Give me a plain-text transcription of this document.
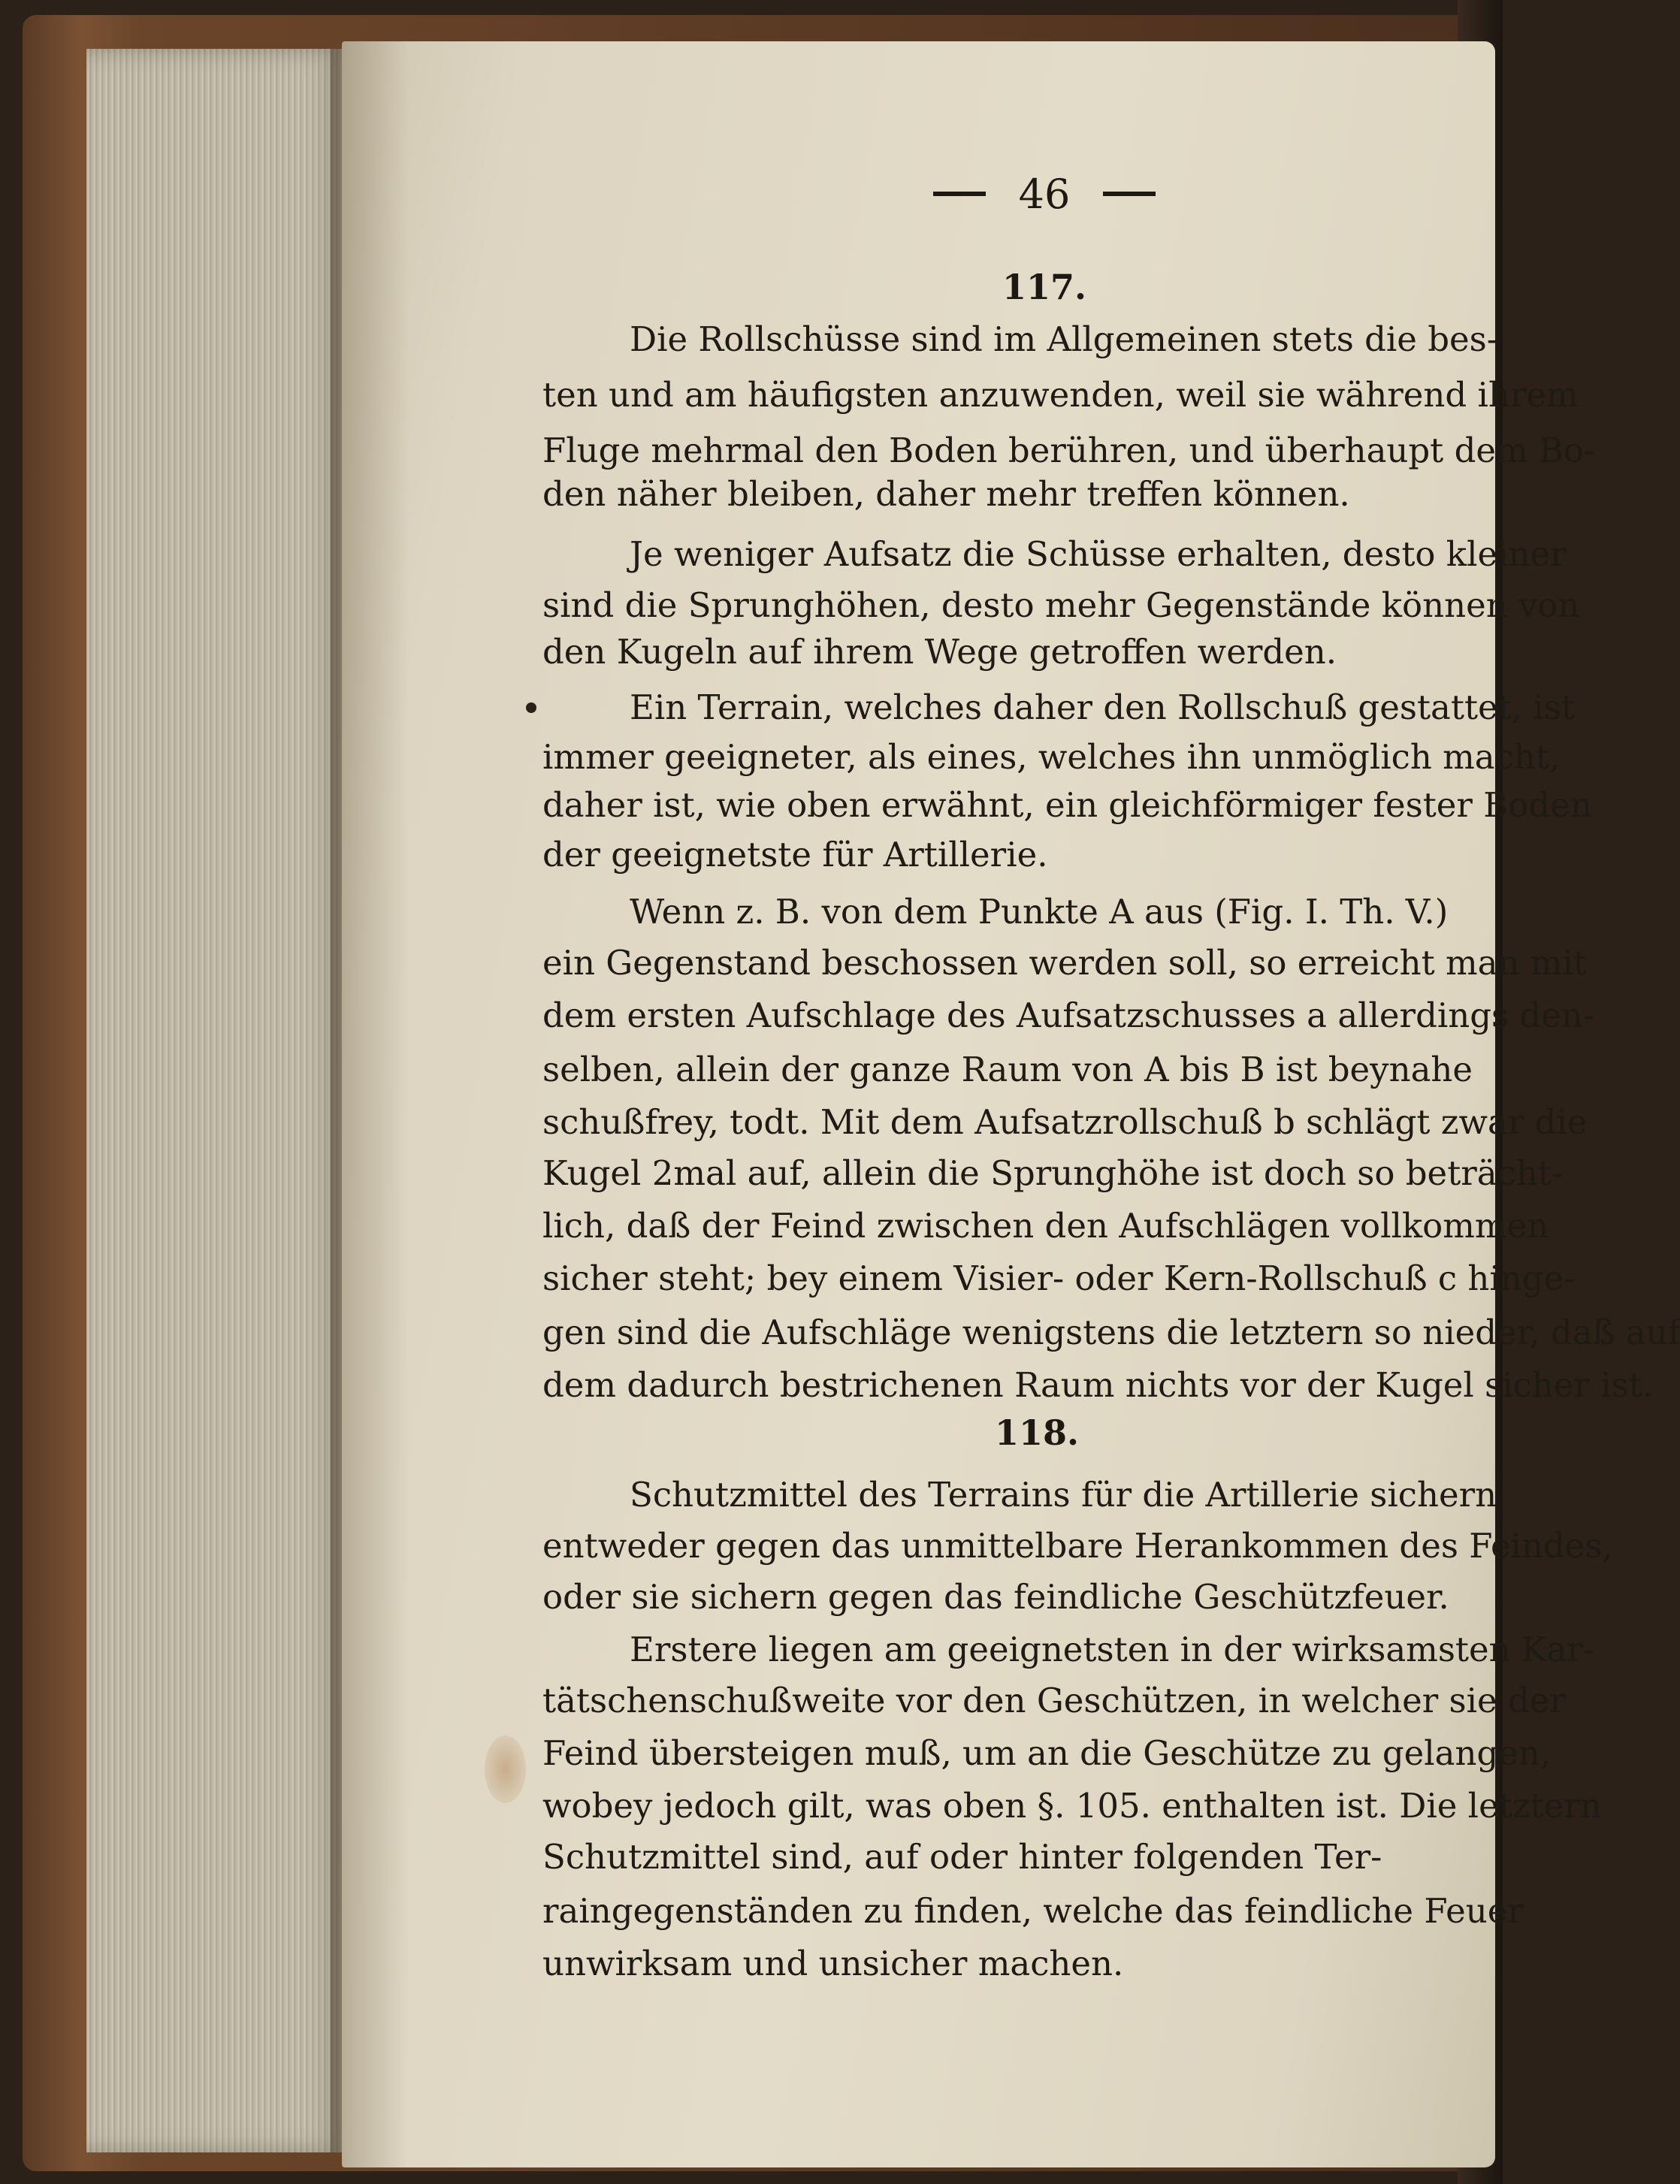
46
117.
Die Rollschüsse sind im Allgemeinen stets die bes-
ten und am häufigsten anzuwenden, weil sie während ihrem
Fluge mehrmal den Boden berühren, und überhaupt dem Bo-
den näher bleiben, daher mehr treffen können.
Je weniger Aufsatz die Schüsse erhalten, desto kleiner
sind die Sprunghöhen, desto mehr Gegenstände können von
den Kugeln auf ihrem Wege getroffen werden.
Ein Terrain, welches daher den Rollschuß gestattet, ist
immer geeigneter, als eines, welches ihn unmöglich macht,
daher ist, wie oben erwähnt, ein gleichförmiger fester Boden
der geeignetste für Artillerie.
Wenn z. B. von dem Punkte A aus (Fig. I. Th. V.)
ein Gegenstand beschossen werden soll, so erreicht man mit
dem ersten Aufschlage des Aufsatzschusses a allerdings den-
selben, allein der ganze Raum von A bis B ist beynahe
schußfrey, todt. Mit dem Aufsatzrollschuß b schlägt zwar die
Kugel 2mal auf, allein die Sprunghöhe ist doch so beträcht-
lich, daß der Feind zwischen den Aufschlägen vollkommen
sicher steht; bey einem Visier- oder Kern-Rollschuß c hinge-
gen sind die Aufschläge wenigstens die letztern so nieder, daß auf
dem dadurch bestrichenen Raum nichts vor der Kugel sicher ist.
118.
Schutzmittel des Terrains für die Artillerie sichern
entweder gegen das unmittelbare Herankommen des Feindes,
oder sie sichern gegen das feindliche Geschützfeuer.
Erstere liegen am geeignetsten in der wirksamsten Kar-
tätschenschußweite vor den Geschützen, in welcher sie der
Feind übersteigen muß, um an die Geschütze zu gelangen,
wobey jedoch gilt, was oben §. 105. enthalten ist. Die letztern
Schutzmittel sind, auf oder hinter folgenden Ter-
raingegenständen zu finden, welche das feindliche Feuer
unwirksam und unsicher machen.
